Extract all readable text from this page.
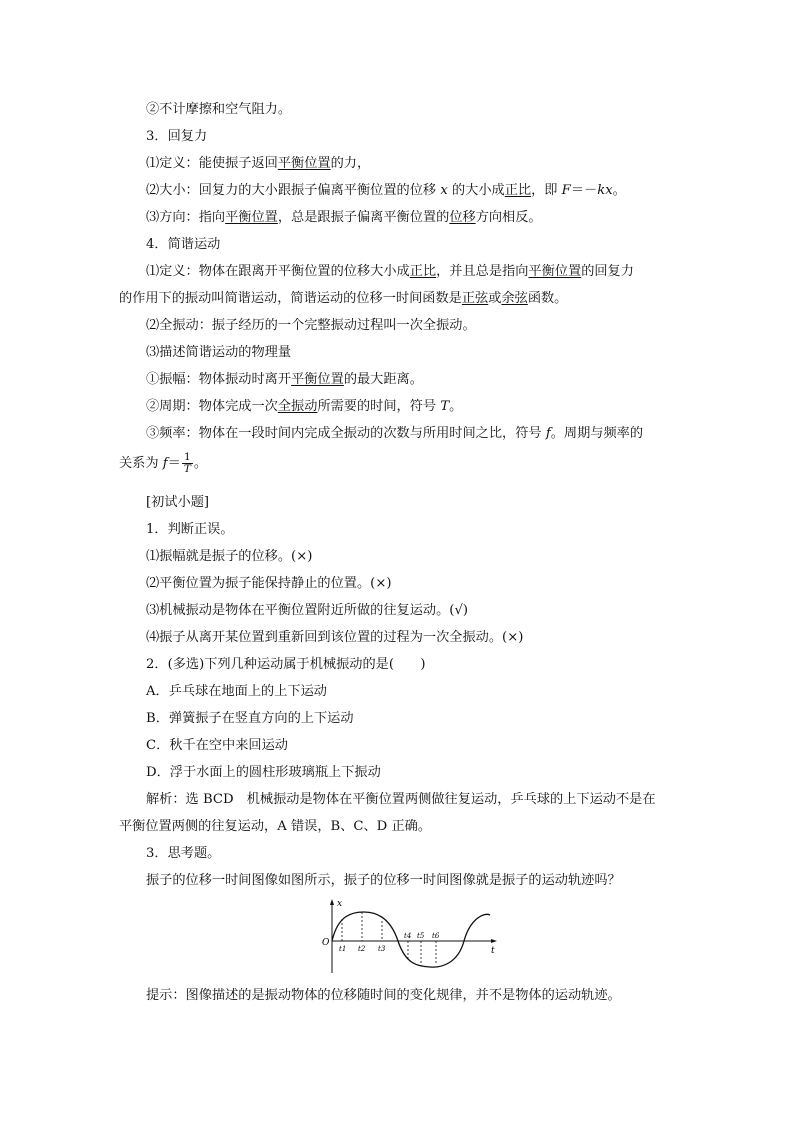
②不计摩擦和空气阻力。
3．回复力
⑴定义：能使振子返回平衡位置的力，
⑵大小：回复力的大小跟振子偏离平衡位置的位移 x 的大小成正比，即 F＝－kx。
⑶方向：指向平衡位置，总是跟振子偏离平衡位置的位移方向相反。
4．简谐运动
⑴定义：物体在跟离开平衡位置的位移大小成正比，并且总是指向平衡位置的回复力
的作用下的振动叫简谐运动，简谐运动的位移一时间函数是正弦或余弦函数。
⑵全振动：振子经历的一个完整振动过程叫一次全振动。
⑶描述简谐运动的物理量
①振幅：物体振动时离开平衡位置的最大距离。
②周期：物体完成一次全振动所需要的时间，符号 T。
③频率：物体在一段时间内完成全振动的次数与所用时间之比，符号 f。周期与频率的
关系为 $f= \frac{1}{T}$ 。
[初试小题]
1．判断正误。
⑴振幅就是振子的位移。(×)
⑵平衡位置为振子能保持静止的位置。(×)
⑶机械振动是物体在平衡位置附近所做的往复运动。(√)
⑷振子从离开某位置到重新回到该位置的过程为一次全振动。(×)
2．(多选)下列几种运动属于机械振动的是(　　)
A．乒乓球在地面上的上下运动
B．弹簧振子在竖直方向的上下运动
C．秋千在空中来回运动
D．浮于水面上的圆柱形玻璃瓶上下振动
解析：选 BCD　机械振动是物体在平衡位置两侧做往复运动，乒乓球的上下运动不是在
平衡位置两侧的往复运动，A 错误，B、C、D 正确。
3．思考题。
振子的位移一时间图像如图所示，振子的位移一时间图像就是振子的运动轨迹吗？
x
t
O
t1 t2 t3
t4 t5 t6
提示：图像描述的是振动物体的位移随时间的变化规律，并不是物体的运动轨迹。
